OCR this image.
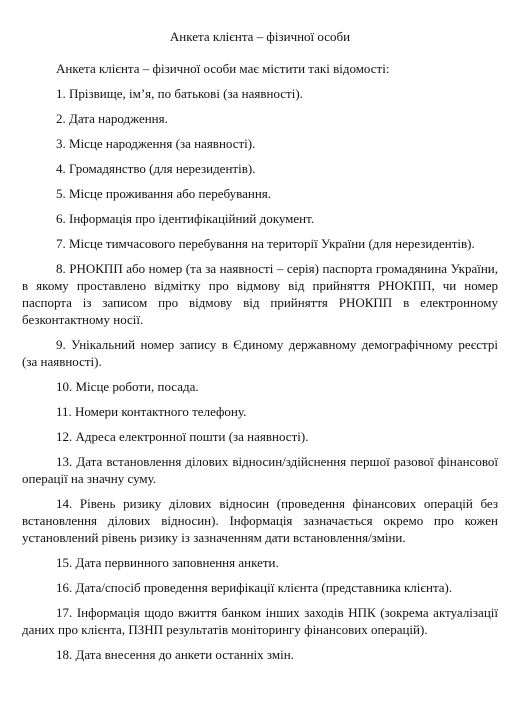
Анкета клієнта – фізичної особи
Анкета клієнта – фізичної особи має містити такі відомості:
1. Прізвище, ім’я, по батькові (за наявності).
2. Дата народження.
3. Місце народження (за наявності).
4. Громадянство (для нерезидентів).
5. Місце проживання або перебування.
6. Інформація про ідентифікаційний документ.
7. Місце тимчасового перебування на території України (для нерезидентів).
8. РНОКПП або номер (та за наявності – серія) паспорта громадянина України, в якому проставлено відмітку про відмову від прийняття РНОКПП, чи номер паспорта із записом про відмову від прийняття РНОКПП в електронному безконтактному носії.
9. Унікальний номер запису в Єдиному державному демографічному реєстрі (за наявності).
10. Місце роботи, посада.
11. Номери контактного телефону.
12. Адреса електронної пошти (за наявності).
13. Дата встановлення ділових відносин/здійснення першої разової фінансової операції на значну суму.
14. Рівень ризику ділових відносин (проведення фінансових операцій без встановлення ділових відносин). Інформація зазначається окремо про кожен установлений рівень ризику із зазначенням дати встановлення/зміни.
15. Дата первинного заповнення анкети.
16. Дата/спосіб проведення верифікації клієнта (представника клієнта).
17. Інформація щодо вжиття банком інших заходів НПК (зокрема актуалізації даних про клієнта, ПЗНП результатів моніторингу фінансових операцій).
18. Дата внесення до анкети останніх змін.
